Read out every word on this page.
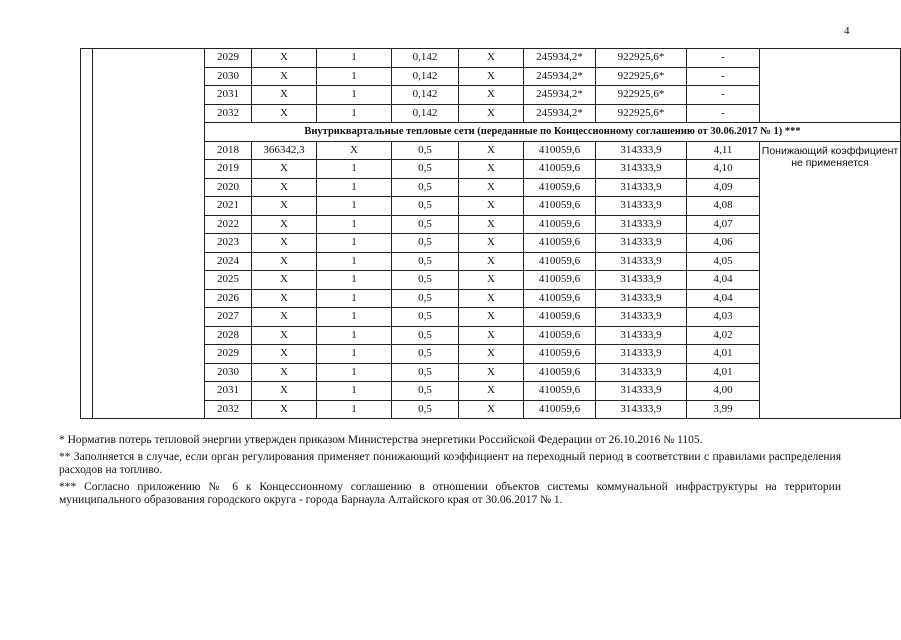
4
		2029	Х	1	0,142	Х	245934,2*	922925,6*	-	
		2030	Х	1	0,142	Х	245934,2*	922925,6*	-	
		2031	Х	1	0,142	Х	245934,2*	922925,6*	-	
		2032	Х	1	0,142	Х	245934,2*	922925,6*	-	
		Внутриквартальные тепловые сети (переданные по Концессионному соглашению от 30.06.2017 № 1) ***								
		2018	366342,3	Х	0,5	Х	410059,6	314333,9	4,11	Понижающий коэффициент не применяется
		2019	Х	1	0,5	Х	410059,6	314333,9	4,10	
		2020	Х	1	0,5	Х	410059,6	314333,9	4,09	
		2021	Х	1	0,5	Х	410059,6	314333,9	4,08	
		2022	Х	1	0,5	Х	410059,6	314333,9	4,07	
		2023	Х	1	0,5	Х	410059,6	314333,9	4,06	
		2024	Х	1	0,5	Х	410059,6	314333,9	4,05	
		2025	Х	1	0,5	Х	410059,6	314333,9	4,04	
		2026	Х	1	0,5	Х	410059,6	314333,9	4,04	
		2027	Х	1	0,5	Х	410059,6	314333,9	4,03	
		2028	Х	1	0,5	Х	410059,6	314333,9	4,02	
		2029	Х	1	0,5	Х	410059,6	314333,9	4,01	
		2030	Х	1	0,5	Х	410059,6	314333,9	4,01	
		2031	Х	1	0,5	Х	410059,6	314333,9	4,00	
		2032	Х	1	0,5	Х	410059,6	314333,9	3,99	

* Норматив потерь тепловой энергии утвержден приказом Министерства энергетики Российской Федерации от 26.10.2016 № 1105.

** Заполняется в случае, если орган регулирования применяет понижающий коэффициент на переходный период в соответствии с правилами распределения расходов на топливо.

*** Согласно приложению № 6 к Концессионному соглашению в отношении объектов системы коммунальной инфраструктуры на территории муниципального образования городского округа - города Барнаула Алтайского края от 30.06.2017 № 1.
